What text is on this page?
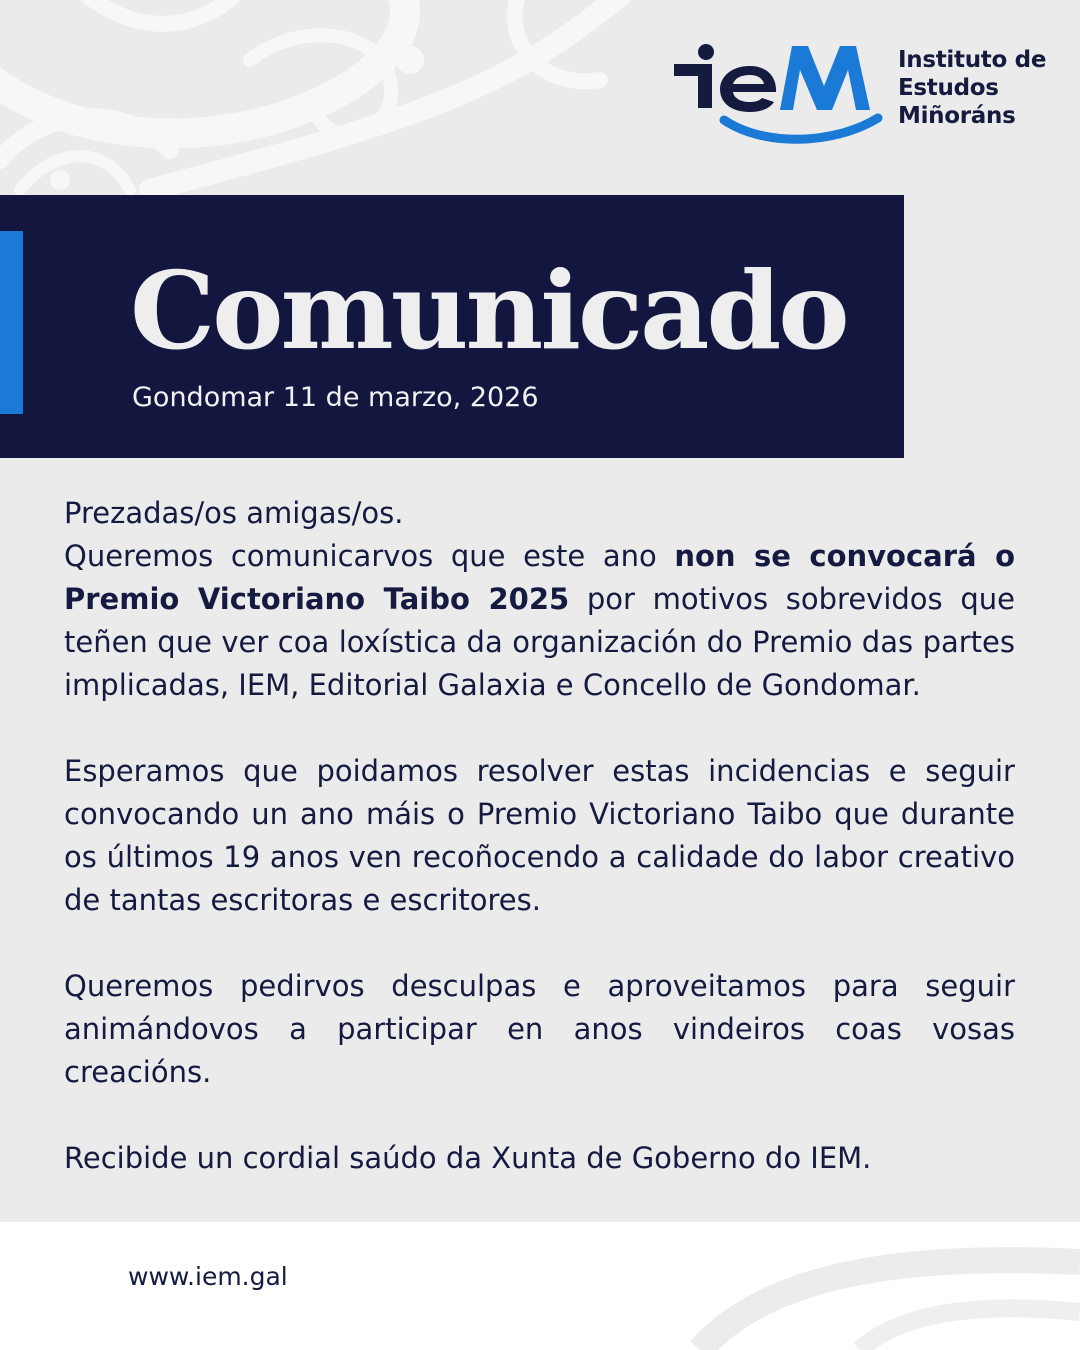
Instituto de
Estudos
Miñoráns
Comunicado
Gondomar 11 de marzo, 2026

Prezadas/os amigas/os.

Queremos comunicarvos que este ano non se convocará o Premio Victoriano Taibo 2025 por motivos sobrevidos que teñen que ver coa loxística da organización do Premio das partes implicadas, IEM, Editorial Galaxia e Concello de Gondomar.

Esperamos que poidamos resolver estas incidencias e seguir convocando un ano máis o Premio Victoriano Taibo que durante os últimos 19 anos ven recoñocendo a calidade do labor creativo de tantas escritoras e escritores.

Queremos pedirvos desculpas e aproveitamos para seguir animándovos a participar en anos vindeiros coas vosas creacións.

Recibide un cordial saúdo da Xunta de Goberno do IEM.

www.iem.gal
